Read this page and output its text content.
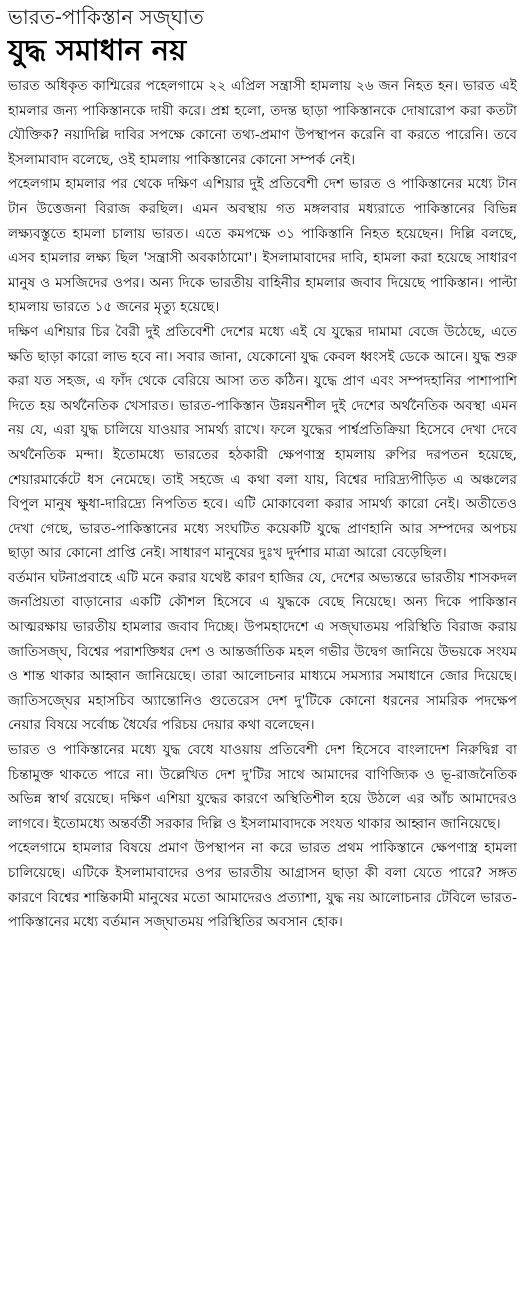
ভারত-পাকিস্তান সজ্ঘাত
যুদ্ধ সমাধান নয়

ভারত অধিকৃত কাশ্মিরের পহেলগামে ২২ এপ্রিল সন্ত্রাসী হামলায় ২৬ জন নিহত হন। ভারত এই হামলার জন্য পাকিস্তানকে দায়ী করে। প্রশ্ন হলো, তদন্ত ছাড়া পাকিস্তানকে দোষারোপ করা কতটা যৌক্তিক? নয়াদিল্লি দাবির সপক্ষে কোনো তথ্য-প্রমাণ উপস্থাপন করেনি বা করতে পারেনি। তবে ইসলামাবাদ বলেছে, ওই হামলায় পাকিস্তানের কোনো সম্পর্ক নেই।

পহেলগাম হামলার পর থেকে দক্ষিণ এশিয়ার দুই প্রতিবেশী দেশ ভারত ও পাকিস্তানের মধ্যে টান টান উত্তেজনা বিরাজ করছিল। এমন অবস্থায় গত মঙ্গলবার মধ্যরাতে পাকিস্তানের বিভিন্ন লক্ষ্যবস্তুতে হামলা চালায় ভারত। এতে কমপক্ষে ৩১ পাকিস্তানি নিহত হয়েছেন। দিল্লি বলছে, এসব হামলার লক্ষ্য ছিল 'সন্ত্রাসী অবকাঠামো'। ইসলামাবাদের দাবি, হামলা করা হয়েছে সাধারণ মানুষ ও মসজিদের ওপর। অন্য দিকে ভারতীয় বাহিনীর হামলার জবাব দিয়েছে পাকিস্তান। পাল্টা হামলায় ভারতে ১৫ জনের মৃত্যু হয়েছে।

দক্ষিণ এশিয়ার চির বৈরী দুই প্রতিবেশী দেশের মধ্যে এই যে যুদ্ধের দামামা বেজে উঠেছে, এতে ক্ষতি ছাড়া কারো লাভ হবে না। সবার জানা, যেকোনো যুদ্ধ কেবল ধ্বংসই ডেকে আনে। যুদ্ধ শুরু করা যত সহজ, এ ফাঁদ থেকে বেরিয়ে আসা তত কঠিন। যুদ্ধে প্রাণ এবং সম্পদহানির পাশাপাশি দিতে হয় অর্থনৈতিক খেসারত। ভারত-পাকিস্তান উন্নয়নশীল দুই দেশের অর্থনৈতিক অবস্থা এমন নয় যে, এরা যুদ্ধ চালিয়ে যাওয়ার সামর্থ্য রাখে। ফলে যুদ্ধের পার্শ্বপ্রতিক্রিয়া হিসেবে দেখা দেবে অর্থনৈতিক মন্দা। ইতোমধ্যে ভারতের হঠকারী ক্ষেপণাস্ত্র হামলায় রুপির দরপতন হয়েছে, শেয়ারমার্কেটে ধস নেমেছে। তাই সহজে এ কথা বলা যায়, বিশ্বের দারিদ্র্যপীড়িত এ অঞ্চলের বিপুল মানুষ ক্ষুধা-দারিদ্র্যে নিপতিত হবে। এটি মোকাবেলা করার সামর্থ্য কারো নেই। অতীতেও দেখা গেছে, ভারত-পাকিস্তানের মধ্যে সংঘটিত কয়েকটি যুদ্ধে প্রাণহানি আর সম্পদের অপচয় ছাড়া আর কোনো প্রাপ্তি নেই। সাধারণ মানুষের দুঃখ দুর্দশার মাত্রা আরো বেড়েছিল।

বর্তমান ঘটনাপ্রবাহে এটি মনে করার যথেষ্ট কারণ হাজির যে, দেশের অভ্যন্তরে ভারতীয় শাসকদল জনপ্রিয়তা বাড়ানোর একটি কৌশল হিসেবে এ যুদ্ধকে বেছে নিয়েছে। অন্য দিকে পাকিস্তান আত্মরক্ষায় ভারতীয় হামলার জবাব দিচ্ছে। উপমহাদেশে এ সজ্ঘাতময় পরিস্থিতি বিরাজ করায় জাতিসজ্ঘ, বিশ্বের পরাশক্তিধর দেশ ও আন্তর্জাতিক মহল গভীর উদ্বেগ জানিয়ে উভয়কে সংযম ও শান্ত থাকার আহ্বান জানিয়েছে। তারা আলোচনার মাধ্যমে সমস্যার সমাধানে জোর দিয়েছে। জাতিসজ্ঘের মহাসচিব অ্যান্তোনিও গুতেরেস দেশ দু'টিকে কোনো ধরনের সামরিক পদক্ষেপ নেয়ার বিষয়ে সর্বোচ্চ ধৈর্যের পরিচয় দেয়ার কথা বলেছেন।

ভারত ও পাকিস্তানের মধ্যে যুদ্ধ বেধে যাওয়ায় প্রতিবেশী দেশ হিসেবে বাংলাদেশ নিরুদ্বিগ্ন বা চিন্তামুক্ত থাকতে পারে না। উল্লেখিত দেশ দু'টির সাথে আমাদের বাণিজ্যিক ও ভূ-রাজনৈতিক অভিন্ন স্বার্থ রয়েছে। দক্ষিণ এশিয়া যুদ্ধের কারণে অস্থিতিশীল হয়ে উঠলে এর আঁচ আমাদেরও লাগবে। ইতোমধ্যে অন্তর্বর্তী সরকার দিল্লি ও ইসলামাবাদকে সংযত থাকার আহ্বান জানিয়েছে।

পহেলগামে হামলার বিষয়ে প্রমাণ উপস্থাপন না করে ভারত প্রথম পাকিস্তানে ক্ষেপণাস্ত্র হামলা চালিয়েছে। এটিকে ইসলামাবাদের ওপর ভারতীয় আগ্রাসন ছাড়া কী বলা যেতে পারে? সঙ্গত কারণে বিশ্বের শান্তিকামী মানুষের মতো আমাদেরও প্রত্যাশা, যুদ্ধ নয় আলোচনার টেবিলে ভারত-পাকিস্তানের মধ্যে বর্তমান সজ্ঘাতময় পরিস্থিতির অবসান হোক।
